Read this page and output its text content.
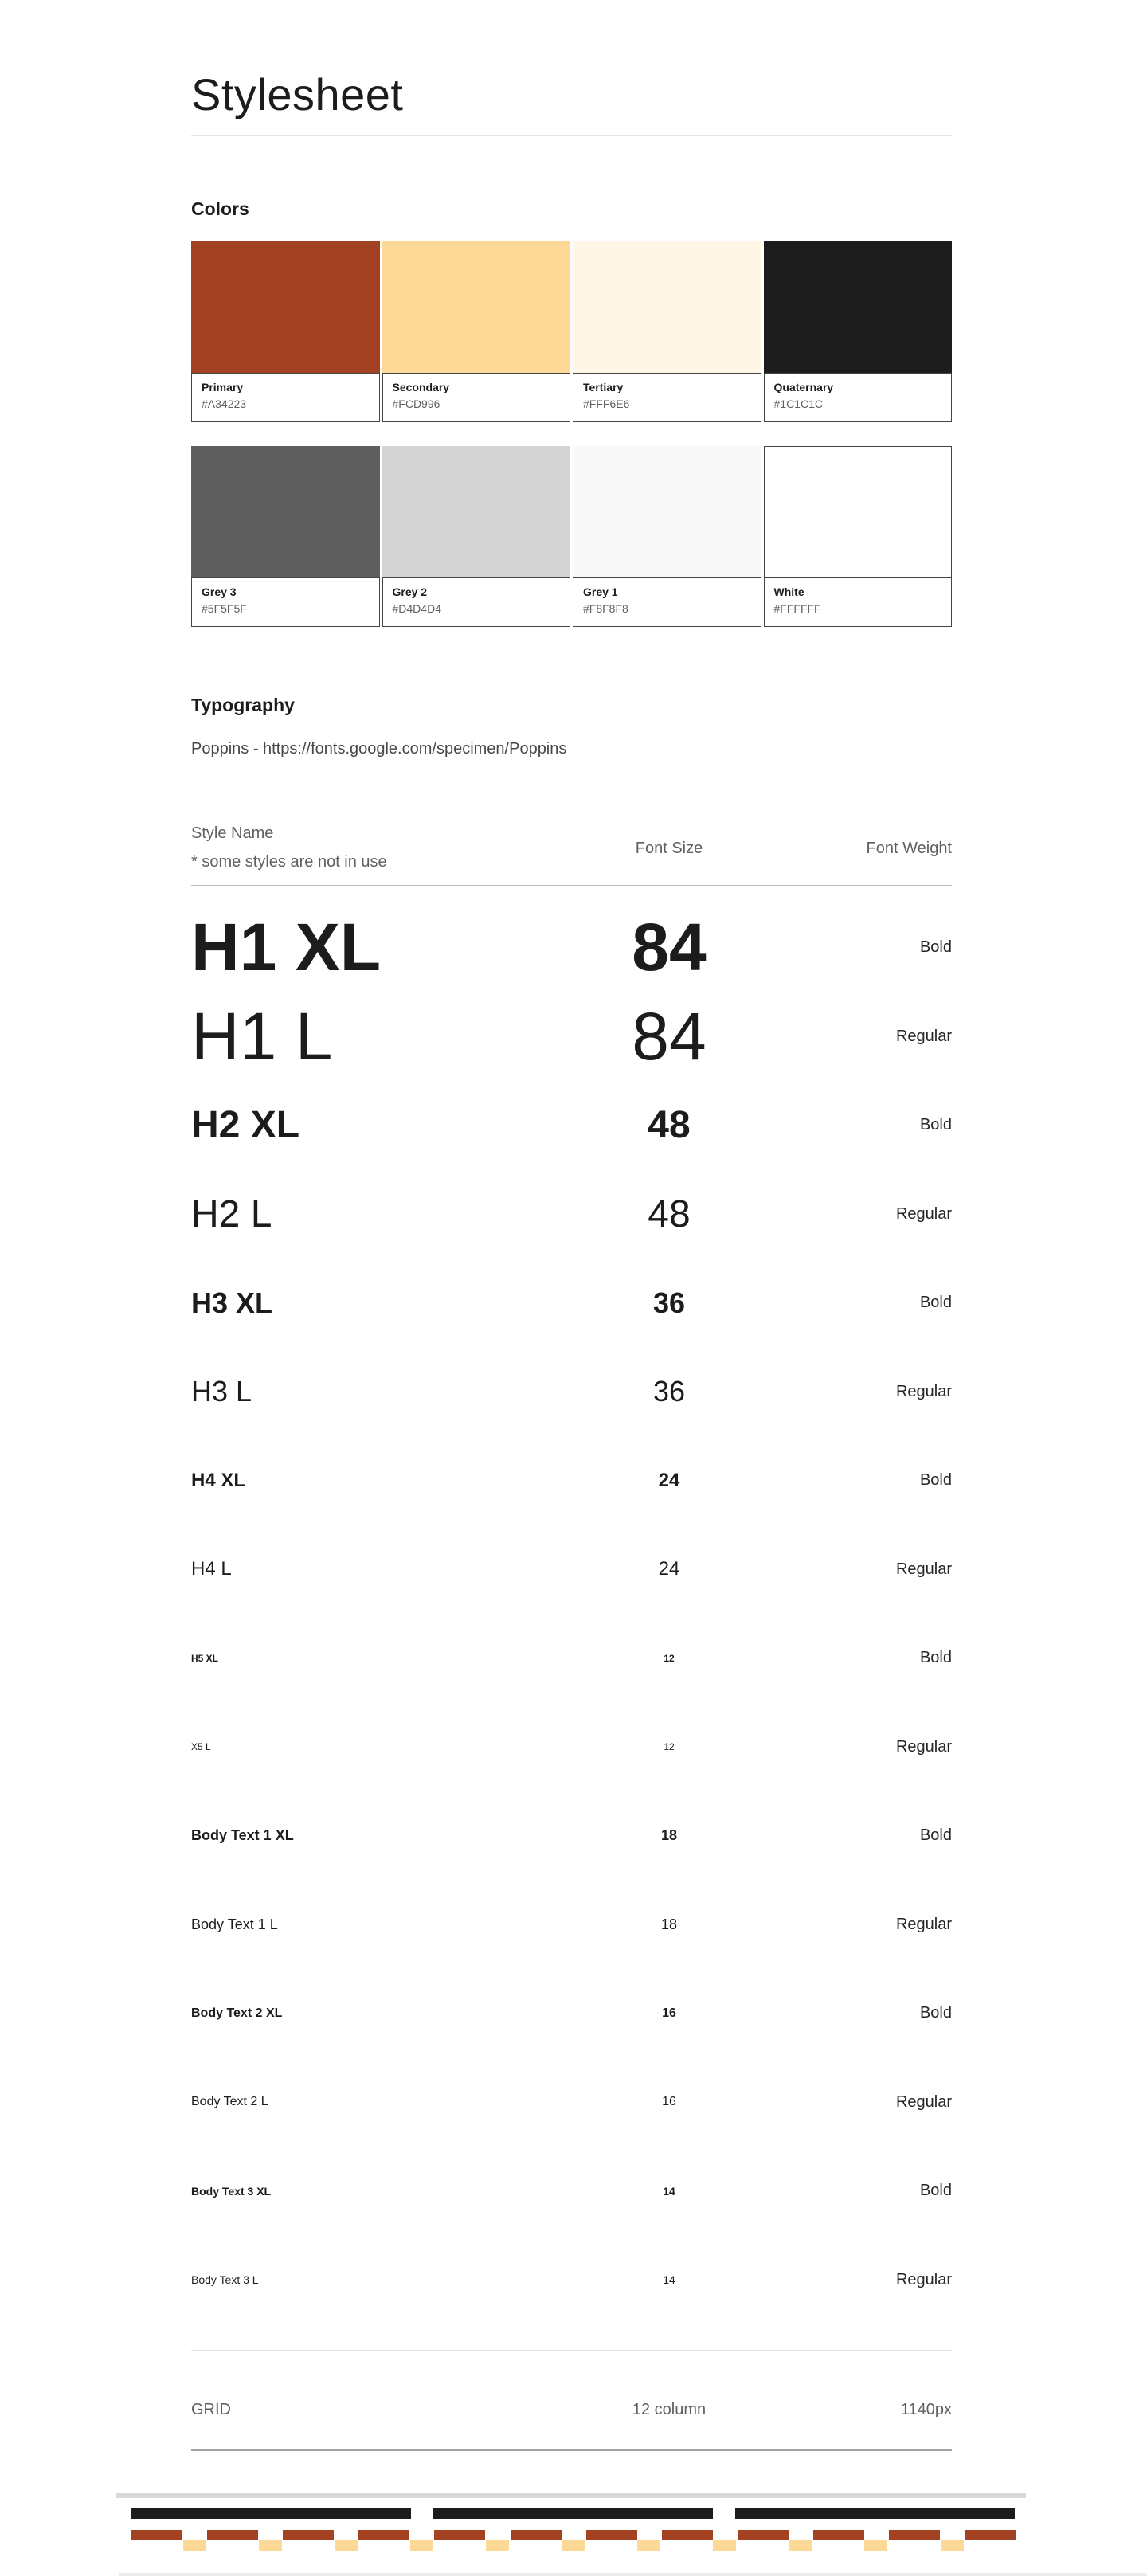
Stylesheet
Colors
Primary
#A34223
Secondary
#FCD996
Tertiary
#FFF6E6
Quaternary
#1C1C1C
Grey 3
#5F5F5F
Grey 2
#D4D4D4
Grey 1
#F8F8F8
White
#FFFFFF
Typography
Poppins - https://fonts.google.com/specimen/Poppins
Style Name
* some styles are not in use
Font Size	Font Weight
H1 XL	84	Bold
H1 L	84	Regular
H2 XL	48	Bold
H2 L	48	Regular
H3 XL	36	Bold
H3 L	36	Regular
H4 XL	24	Bold
H4 L	24	Regular
H5 XL	12	Bold
X5 L	12	Regular
Body Text 1 XL	18	Bold
Body Text 1 L	18	Regular
Body Text 2 XL	16	Bold
Body Text 2 L	16	Regular
Body Text 3 XL	14	Bold
Body Text 3 L	14	Regular
GRID	12 column	1140px
